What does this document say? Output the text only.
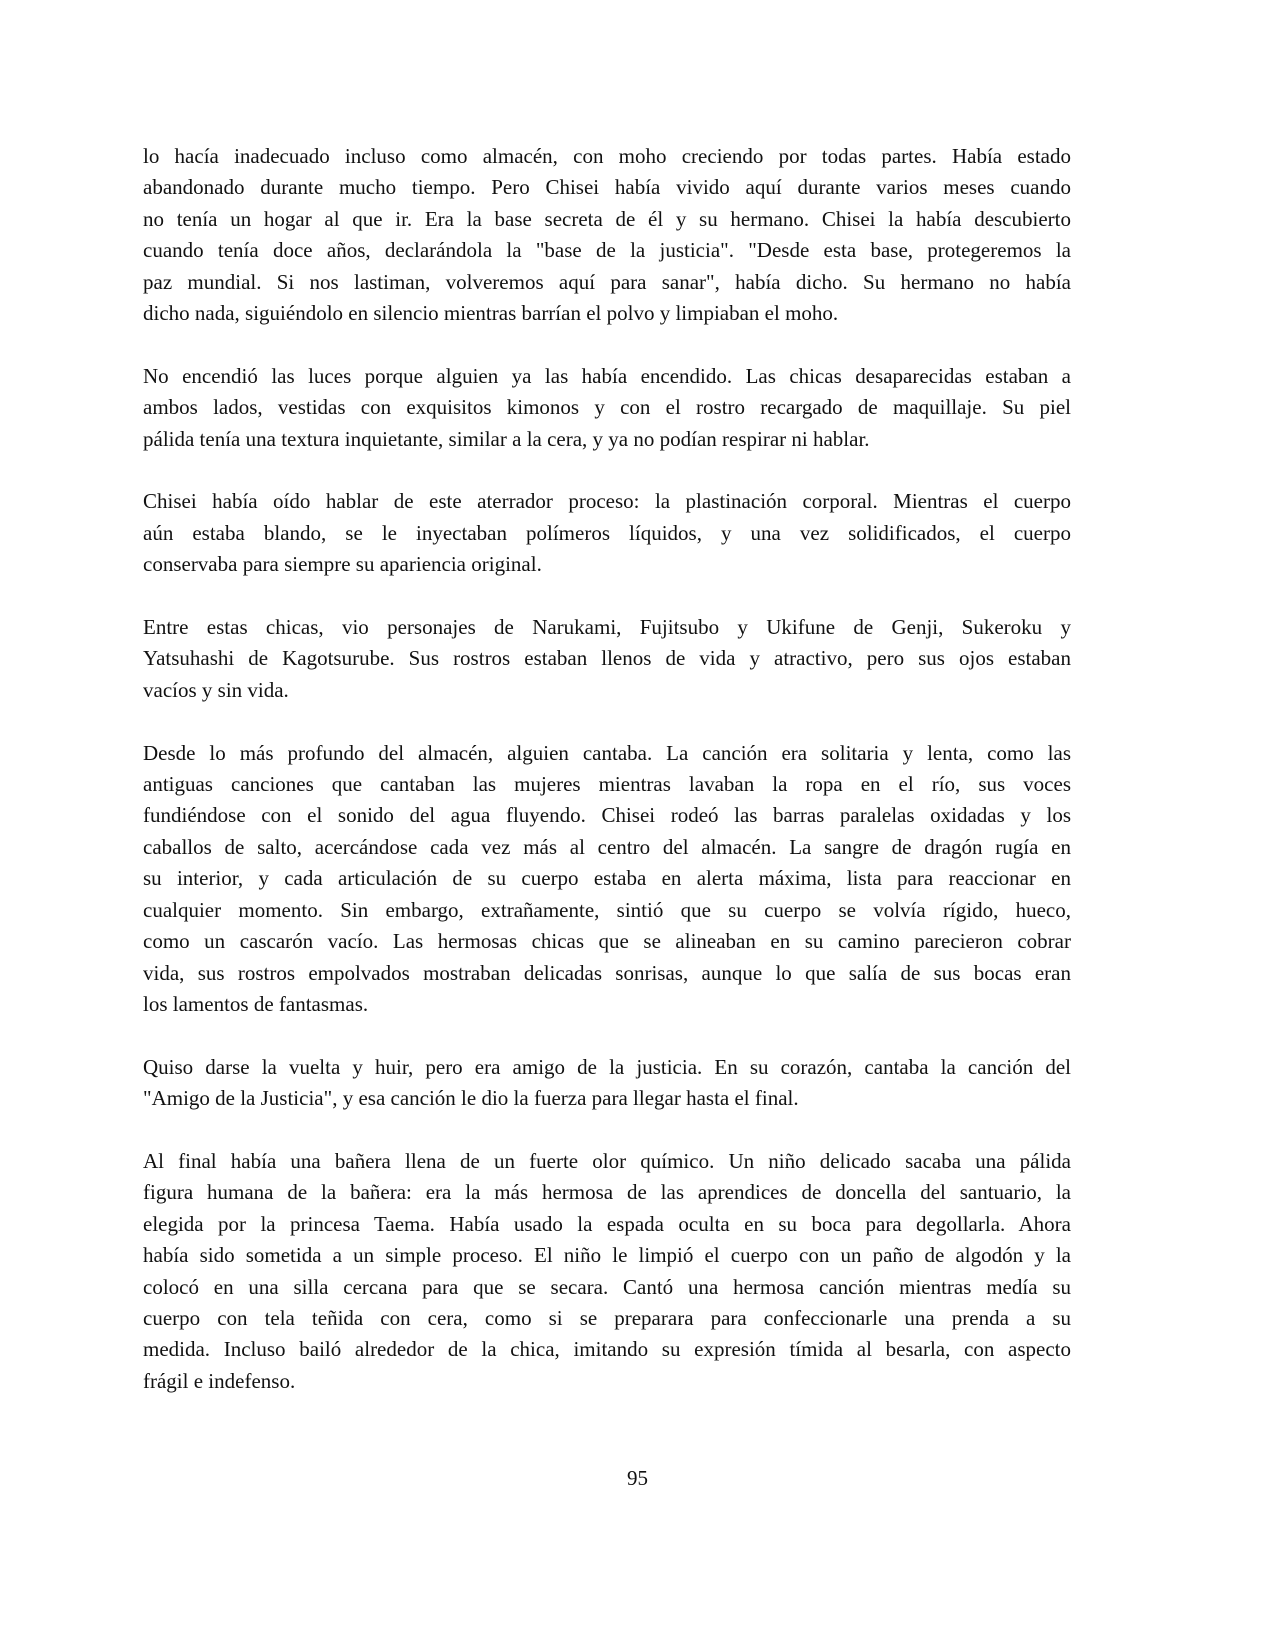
lo hacía inadecuado incluso como almacén, con moho creciendo por todas partes. Había estado
abandonado durante mucho tiempo. Pero Chisei había vivido aquí durante varios meses cuando
no tenía un hogar al que ir. Era la base secreta de él y su hermano. Chisei la había descubierto
cuando tenía doce años, declarándola la "base de la justicia". "Desde esta base, protegeremos la
paz mundial. Si nos lastiman, volveremos aquí para sanar", había dicho. Su hermano no había
dicho nada, siguiéndolo en silencio mientras barrían el polvo y limpiaban el moho.

No encendió las luces porque alguien ya las había encendido. Las chicas desaparecidas estaban a
ambos lados, vestidas con exquisitos kimonos y con el rostro recargado de maquillaje. Su piel
pálida tenía una textura inquietante, similar a la cera, y ya no podían respirar ni hablar.

Chisei había oído hablar de este aterrador proceso: la plastinación corporal. Mientras el cuerpo
aún estaba blando, se le inyectaban polímeros líquidos, y una vez solidificados, el cuerpo
conservaba para siempre su apariencia original.

Entre estas chicas, vio personajes de Narukami, Fujitsubo y Ukifune de Genji, Sukeroku y
Yatsuhashi de Kagotsurube. Sus rostros estaban llenos de vida y atractivo, pero sus ojos estaban
vacíos y sin vida.

Desde lo más profundo del almacén, alguien cantaba. La canción era solitaria y lenta, como las
antiguas canciones que cantaban las mujeres mientras lavaban la ropa en el río, sus voces
fundiéndose con el sonido del agua fluyendo. Chisei rodeó las barras paralelas oxidadas y los
caballos de salto, acercándose cada vez más al centro del almacén. La sangre de dragón rugía en
su interior, y cada articulación de su cuerpo estaba en alerta máxima, lista para reaccionar en
cualquier momento. Sin embargo, extrañamente, sintió que su cuerpo se volvía rígido, hueco,
como un cascarón vacío. Las hermosas chicas que se alineaban en su camino parecieron cobrar
vida, sus rostros empolvados mostraban delicadas sonrisas, aunque lo que salía de sus bocas eran
los lamentos de fantasmas.

Quiso darse la vuelta y huir, pero era amigo de la justicia. En su corazón, cantaba la canción del
"Amigo de la Justicia", y esa canción le dio la fuerza para llegar hasta el final.

Al final había una bañera llena de un fuerte olor químico. Un niño delicado sacaba una pálida
figura humana de la bañera: era la más hermosa de las aprendices de doncella del santuario, la
elegida por la princesa Taema. Había usado la espada oculta en su boca para degollarla. Ahora
había sido sometida a un simple proceso. El niño le limpió el cuerpo con un paño de algodón y la
colocó en una silla cercana para que se secara. Cantó una hermosa canción mientras medía su
cuerpo con tela teñida con cera, como si se preparara para confeccionarle una prenda a su
medida. Incluso bailó alrededor de la chica, imitando su expresión tímida al besarla, con aspecto
frágil e indefenso.

95
